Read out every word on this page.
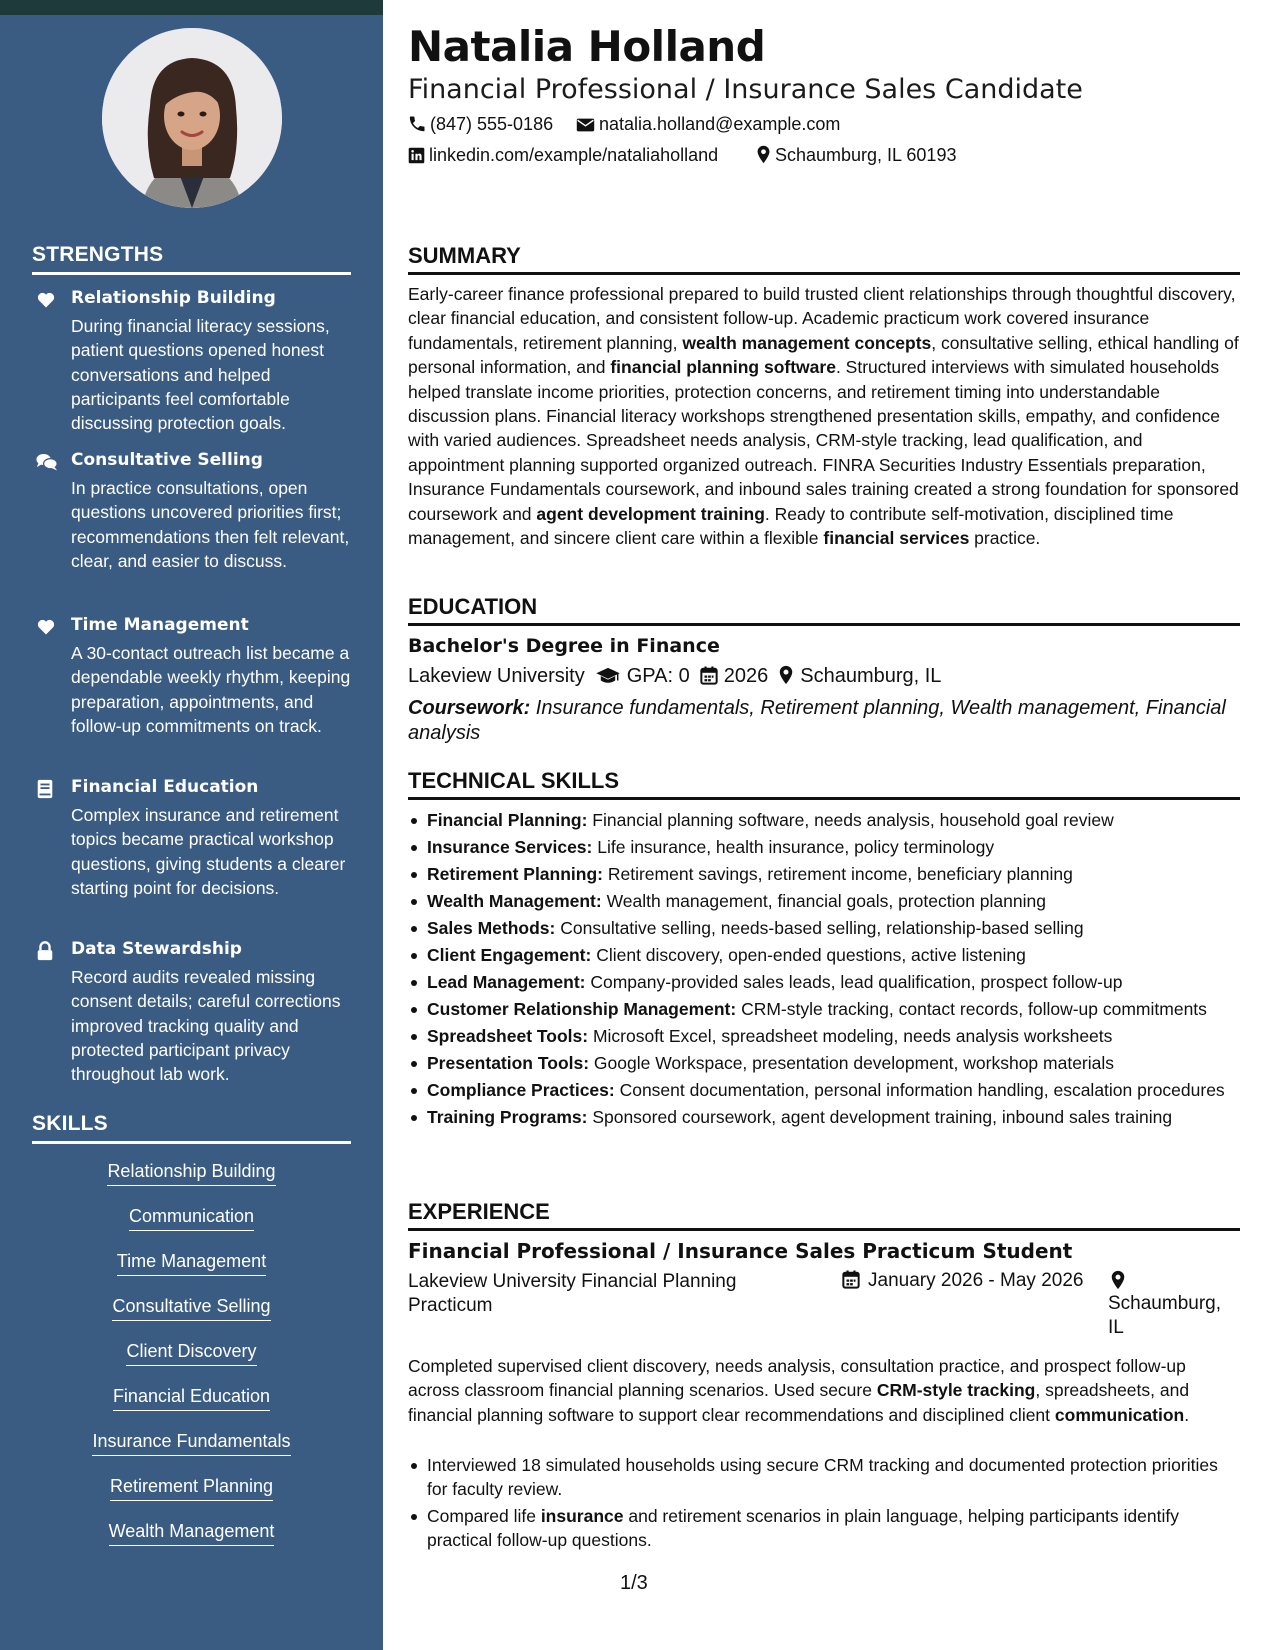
STRENGTHS
Relationship Building
During financial literacy sessions, patient questions opened honest conversations and helped participants feel comfortable discussing protection goals.
Consultative Selling
In practice consultations, open questions uncovered priorities first; recommendations then felt relevant, clear, and easier to discuss.
Time Management
A 30-contact outreach list became a dependable weekly rhythm, keeping preparation, appointments, and follow-up commitments on track.
Financial Education
Complex insurance and retirement topics became practical workshop questions, giving students a clearer starting point for decisions.
Data Stewardship
Record audits revealed missing consent details; careful corrections improved tracking quality and protected participant privacy throughout lab work.
SKILLS
Relationship Building
Communication
Time Management
Consultative Selling
Client Discovery
Financial Education
Insurance Fundamentals
Retirement Planning
Wealth Management
Natalia Holland
Financial Professional / Insurance Sales Candidate
(847) 555-0186	natalia.holland@example.com
linkedin.com/example/nataliaholland	Schaumburg, IL 60193
SUMMARY
Early-career finance professional prepared to build trusted client relationships through thoughtful discovery, clear financial education, and consistent follow-up. Academic practicum work covered insurance fundamentals, retirement planning, wealth management concepts, consultative selling, ethical handling of personal information, and financial planning software. Structured interviews with simulated households helped translate income priorities, protection concerns, and retirement timing into understandable discussion plans. Financial literacy workshops strengthened presentation skills, empathy, and confidence with varied audiences. Spreadsheet needs analysis, CRM-style tracking, lead qualification, and appointment planning supported organized outreach. FINRA Securities Industry Essentials preparation, Insurance Fundamentals coursework, and inbound sales training created a strong foundation for sponsored coursework and agent development training. Ready to contribute self-motivation, disciplined time management, and sincere client care within a flexible financial services practice.
EDUCATION
Bachelor's Degree in Finance
Lakeview University GPA: 0 2026 Schaumburg, IL
Coursework: Insurance fundamentals, Retirement planning, Wealth management, Financial analysis
TECHNICAL SKILLS
Financial Planning: Financial planning software, needs analysis, household goal review
Insurance Services: Life insurance, health insurance, policy terminology
Retirement Planning: Retirement savings, retirement income, beneficiary planning
Wealth Management: Wealth management, financial goals, protection planning
Sales Methods: Consultative selling, needs-based selling, relationship-based selling
Client Engagement: Client discovery, open-ended questions, active listening
Lead Management: Company-provided sales leads, lead qualification, prospect follow-up
Customer Relationship Management: CRM-style tracking, contact records, follow-up commitments
Spreadsheet Tools: Microsoft Excel, spreadsheet modeling, needs analysis worksheets
Presentation Tools: Google Workspace, presentation development, workshop materials
Compliance Practices: Consent documentation, personal information handling, escalation procedures
Training Programs: Sponsored coursework, agent development training, inbound sales training
EXPERIENCE
Financial Professional / Insurance Sales Practicum Student
Lakeview University Financial Planning Practicum
January 2026 - May 2026
Schaumburg, IL
Completed supervised client discovery, needs analysis, consultation practice, and prospect follow-up across classroom financial planning scenarios. Used secure CRM-style tracking, spreadsheets, and financial planning software to support clear recommendations and disciplined client communication.
Interviewed 18 simulated households using secure CRM tracking and documented protection priorities for faculty review.
Compared life insurance and retirement scenarios in plain language, helping participants identify practical follow-up questions.
1/3
